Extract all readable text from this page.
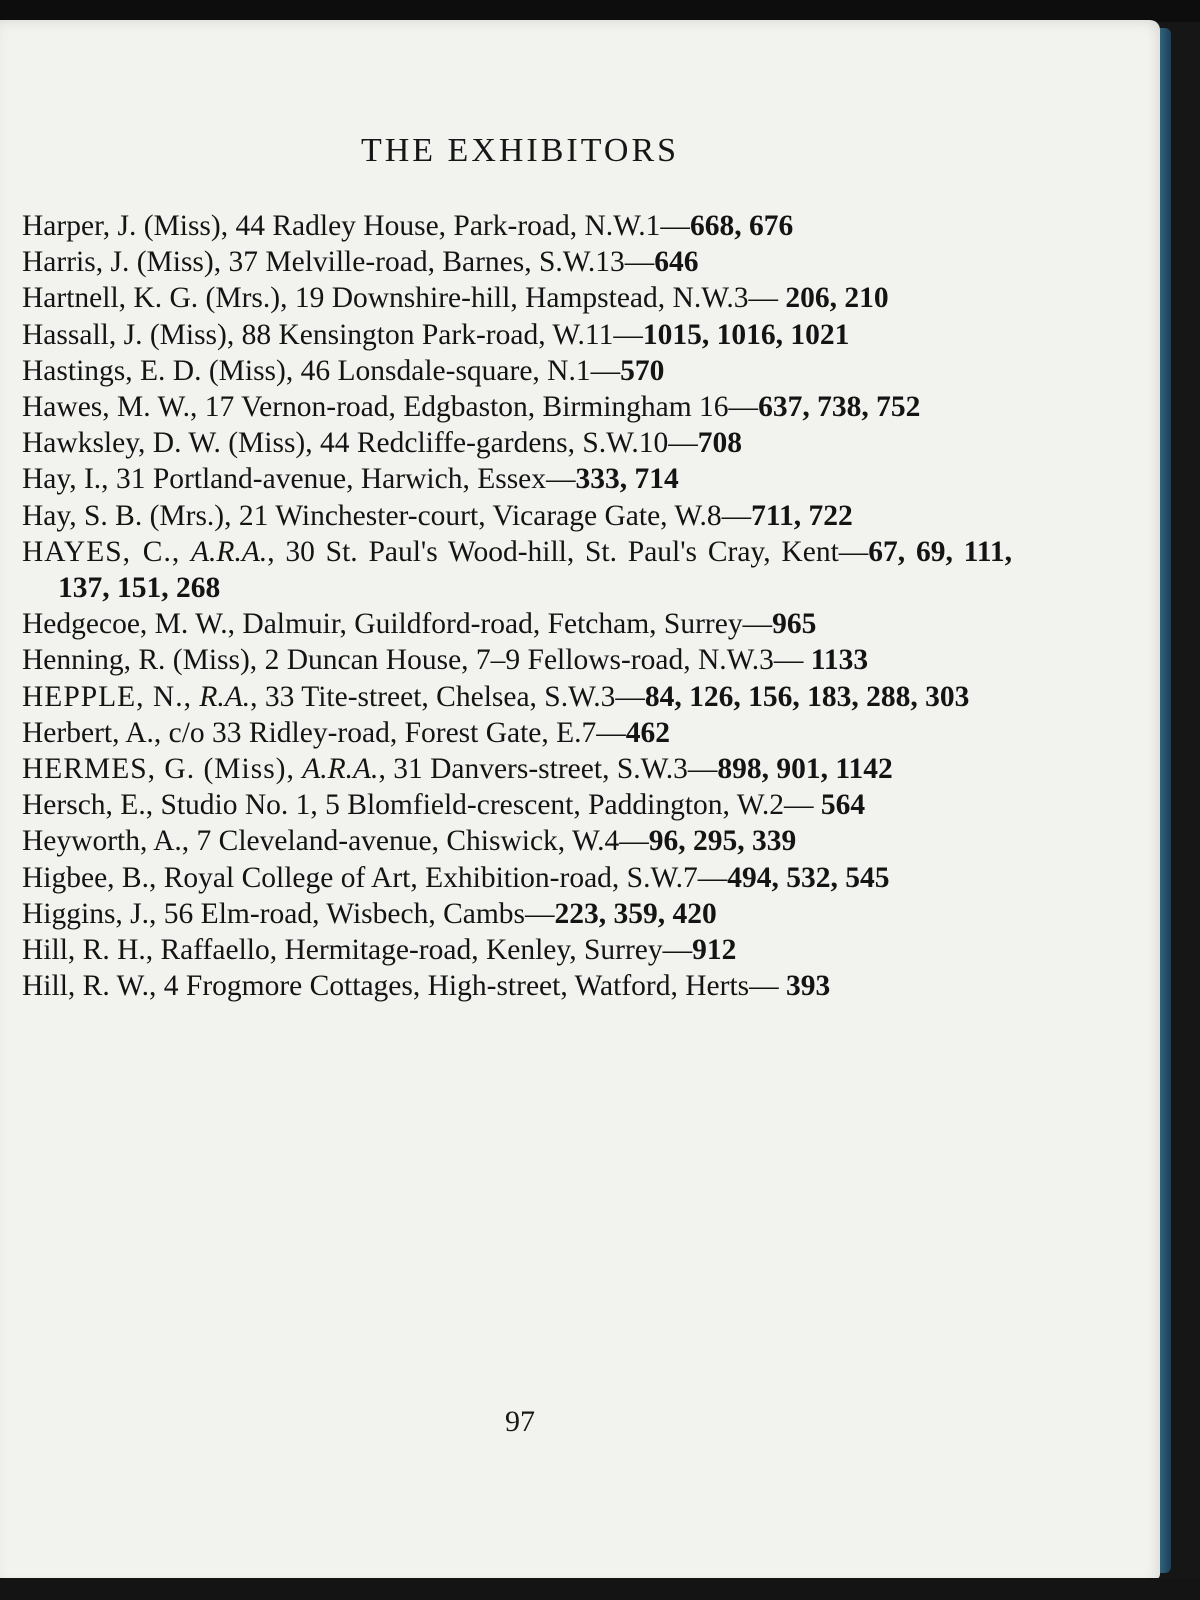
THE EXHIBITORS

Harper, J. (Miss), 44 Radley House, Park-road, N.W.1—668, 676

Harris, J. (Miss), 37 Melville-road, Barnes, S.W.13—646

Hartnell, K. G. (Mrs.), 19 Downshire-hill, Hampstead, N.W.3— 206, 210

Hassall, J. (Miss), 88 Kensington Park-road, W.11—1015, 1016, 1021

Hastings, E. D. (Miss), 46 Lonsdale-square, N.1—570

Hawes, M. W., 17 Vernon-road, Edgbaston, Birmingham 16—637, 738, 752

Hawksley, D. W. (Miss), 44 Redcliffe-gardens, S.W.10—708

Hay, I., 31 Portland-avenue, Harwich, Essex—333, 714

Hay, S. B. (Mrs.), 21 Winchester-court, Vicarage Gate, W.8—711, 722

HAYES, C., A.R.A., 30 St. Paul's Wood-hill, St. Paul's Cray, Kent—67, 69, 111, 137, 151, 268

Hedgecoe, M. W., Dalmuir, Guildford-road, Fetcham, Surrey—965

Henning, R. (Miss), 2 Duncan House, 7–9 Fellows-road, N.W.3— 1133

HEPPLE, N., R.A., 33 Tite-street, Chelsea, S.W.3—84, 126, 156, 183, 288, 303

Herbert, A., c/o 33 Ridley-road, Forest Gate, E.7—462

HERMES, G. (Miss), A.R.A., 31 Danvers-street, S.W.3—898, 901, 1142

Hersch, E., Studio No. 1, 5 Blomfield-crescent, Paddington, W.2— 564

Heyworth, A., 7 Cleveland-avenue, Chiswick, W.4—96, 295, 339

Higbee, B., Royal College of Art, Exhibition-road, S.W.7—494, 532, 545

Higgins, J., 56 Elm-road, Wisbech, Cambs—223, 359, 420

Hill, R. H., Raffaello, Hermitage-road, Kenley, Surrey—912

Hill, R. W., 4 Frogmore Cottages, High-street, Watford, Herts— 393

97
